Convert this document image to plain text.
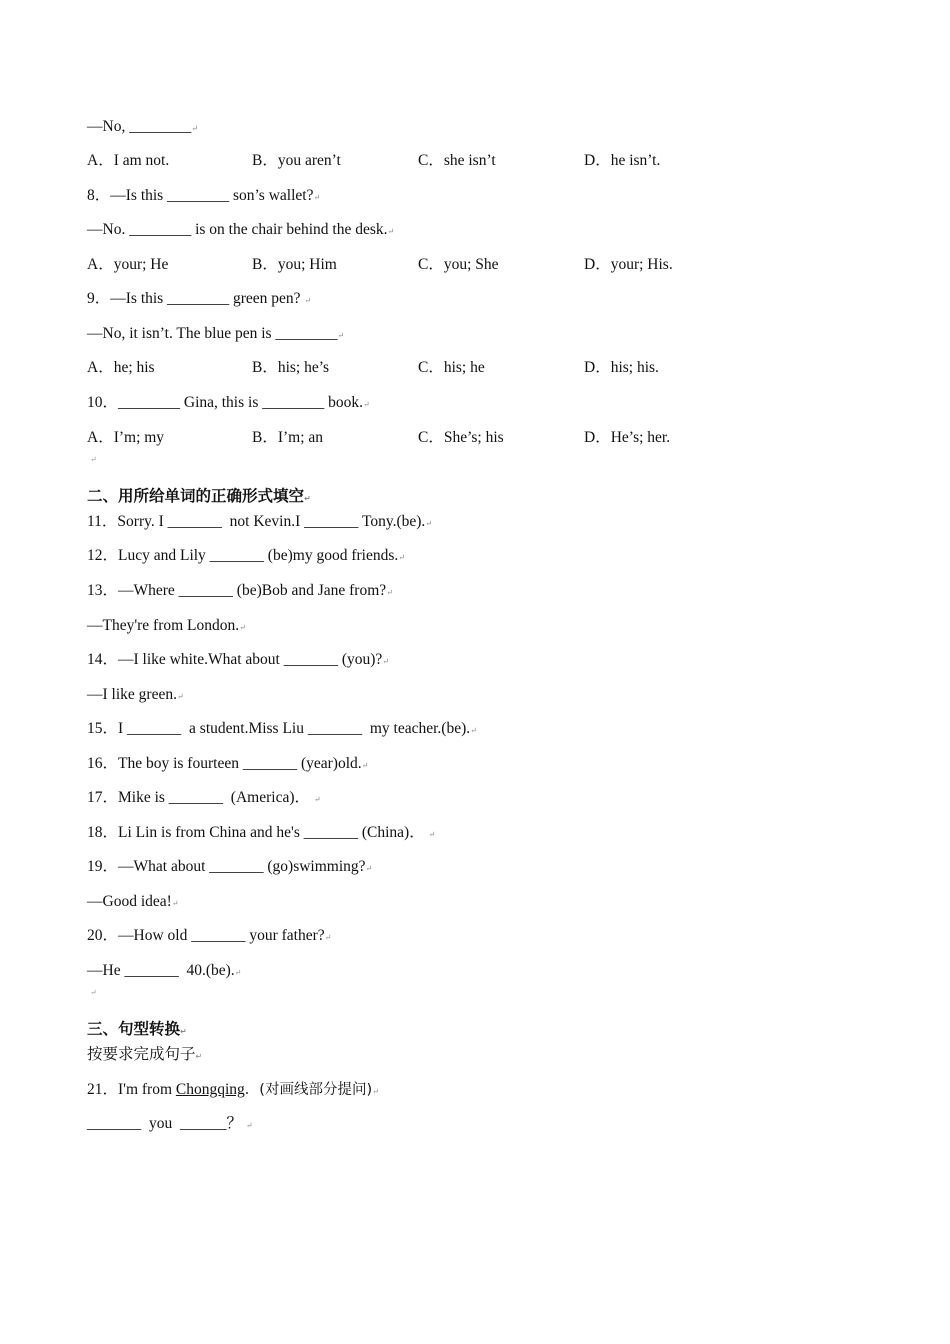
—No, ________↵
A．I am not.	B．you aren’t	C．she isn’t	D．he isn’t.
8．—Is this ________ son’s wallet?↵
—No. ________ is on the chair behind the desk.↵
A．your; He	B．you; Him	C．you; She	D．your; His.
9．—Is this ________ green pen? ↵
—No, it isn’t. The blue pen is ________↵
A．he; his	B．his; he’s	C．his; he	D．his; his.
10．________ Gina, this is ________ book.↵
A．I’m; my	B．I’m; an	C．She’s; his	D．He’s; her.
↵
二、用所给单词的正确形式填空↵
11．Sorry. I _______  not Kevin.I _______ Tony.(be).↵
12．Lucy and Lily _______ (be)my good friends.↵
13．—Where _______ (be)Bob and Jane from?↵
—They're from London.↵
14．—I like white.What about _______ (you)?↵
—I like green.↵
15．I _______  a student.Miss Liu _______  my teacher.(be).↵
16．The boy is fourteen _______ (year)old.↵
17．Mike is _______  (America)． ↵
18．Li Lin is from China and he's _______ (China)． ↵
19．—What about _______ (go)swimming?↵
—Good idea!↵
20．—How old _______ your father?↵
—He _______  40.(be).↵
↵
三、句型转换↵
按要求完成句子↵
21．I'm from Chongqing．(对画线部分提问)↵
_______  you  ______？ ↵
